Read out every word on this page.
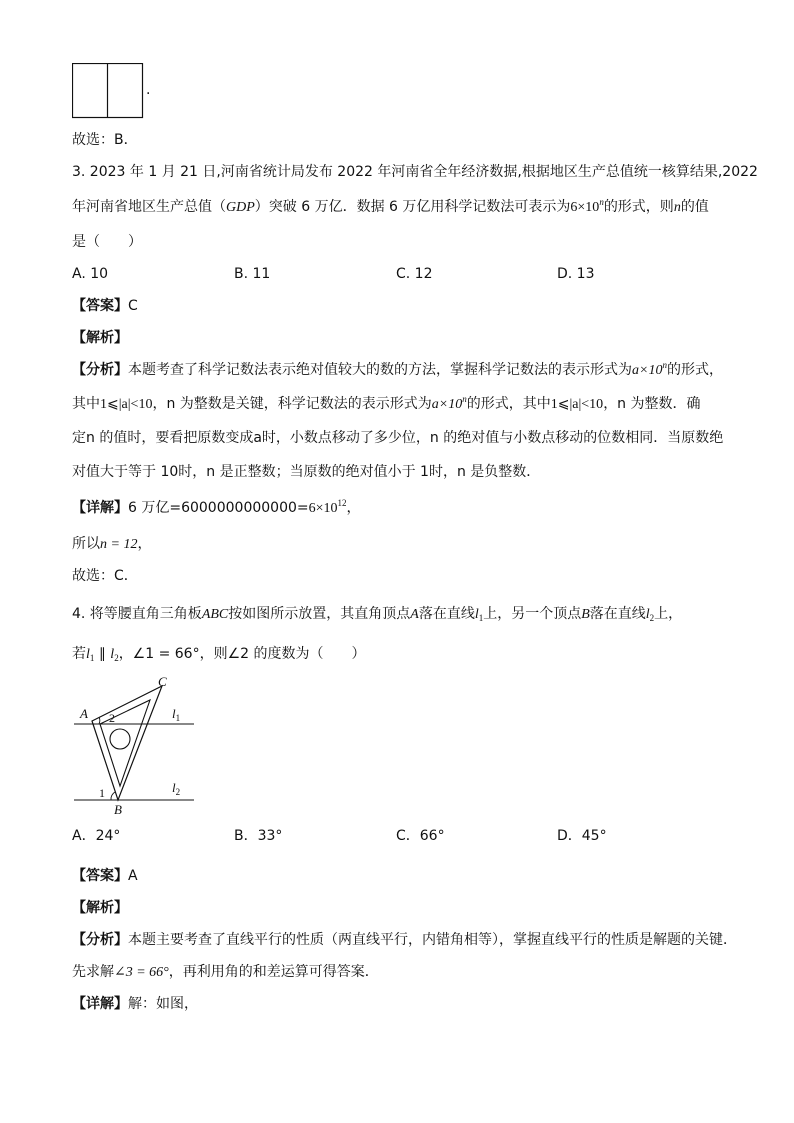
.
故选：B．
3. 2023 年 1 月 21 日,河南省统计局发布 2022 年河南省全年经济数据,根据地区生产总值统一核算结果,2022
年河南省地区生产总值（GDP）突破 6 万亿．数据 6 万亿用科学记数法可表示为$6\times 10^n$的形式，则n的值
是（　　）
A. 10	B. 11	C. 12	D. 13
【答案】C
【解析】
【分析】本题考查了科学记数法表示绝对值较大的数的方法，掌握科学记数法的表示形式为$a\times 10^n$的形式，
其中1⩽|a|<10，n 为整数是关键，科学记数法的表示形式为$a\times 10^n$的形式，其中1⩽|a|<10，n 为整数．确
定n 的值时，要看把原数变成a时，小数点移动了多少位，n 的绝对值与小数点移动的位数相同．当原数绝
对值大于等于 10时，n 是正整数；当原数的绝对值小于 1时，n 是负整数．
【详解】6 万亿$=6000000000000=6\times 10^{12}$，
所以n = 12，
故选：C．
4. 将等腰直角三角板ABC按如图所示放置，其直角顶点A落在直线$l_1$上，另一个顶点B落在直线$l_2$上，
若$l_1$ ∥ $l_2$，∠1 = 66°，则∠2 的度数为（　　）
A
C
B
2
1
$l_1$
$l_2$
A．24°	B．33°	C．66°	D．45°
【答案】A
【解析】
【分析】本题主要考查了直线平行的性质（两直线平行，内错角相等），掌握直线平行的性质是解题的关键．
先求解∠3 = 66°，再利用角的和差运算可得答案．
【详解】解：如图，
